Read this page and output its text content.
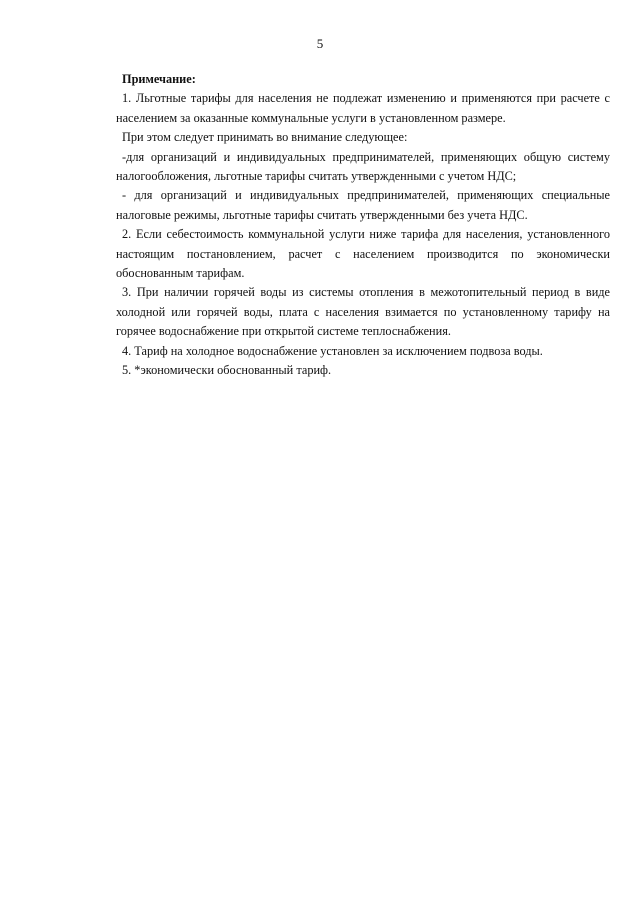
5

Примечание:

1. Льготные тарифы для населения не подлежат изменению и применяются при расчете с населением за оказанные коммунальные услуги в установленном размере.

При этом следует принимать во внимание следующее:

-для организаций и индивидуальных предпринимателей, применяющих общую систему налогообложения, льготные тарифы считать утвержденными с учетом НДС;

- для организаций и индивидуальных предпринимателей, применяющих специальные налоговые режимы, льготные тарифы считать утвержденными без учета НДС.

2. Если себестоимость коммунальной услуги ниже тарифа для населения, установленного настоящим постановлением, расчет с населением производится по экономически обоснованным тарифам.

3. При наличии горячей воды из системы отопления в межотопительный период в виде холодной или горячей воды, плата с населения взимается по установленному тарифу на горячее водоснабжение при открытой системе теплоснабжения.

4. Тариф на холодное водоснабжение установлен за исключением подвоза воды.

5. *экономически обоснованный тариф.
